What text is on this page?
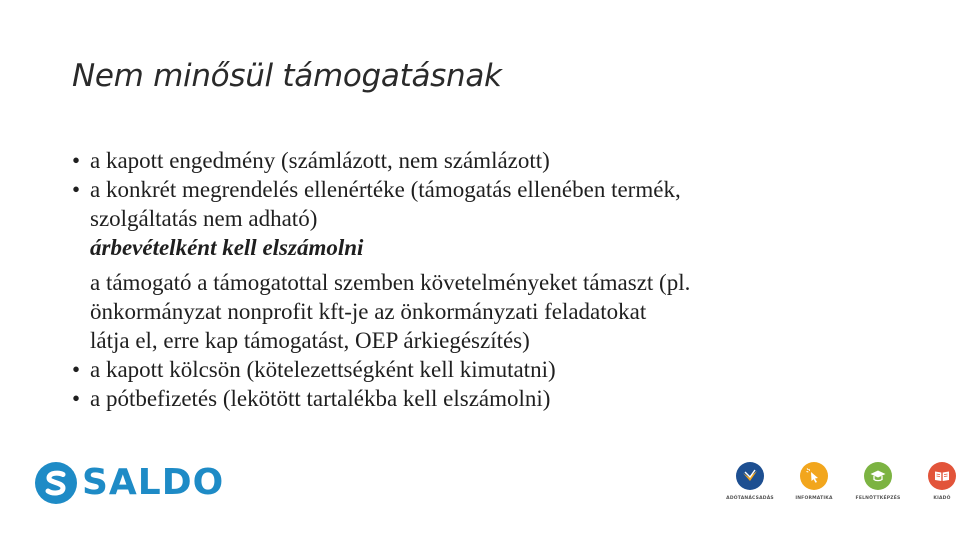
Nem minősül támogatásnak
• a kapott engedmény (számlázott, nem számlázott)
• a konkrét megrendelés ellenértéke (támogatás ellenében termék,
szolgáltatás nem adható)
árbevételként kell elszámolni
a támogató a támogatottal szemben követelményeket támaszt (pl.
önkormányzat nonprofit kft-je az önkormányzati feladatokat
látja el, erre kap támogatást, OEP árkiegészítés)
• a kapott kölcsön (kötelezettségként kell kimutatni)
• a pótbefizetés (lekötött tartalékba kell elszámolni)
SALDO	ADÓTANÁCSADÁS	INFORMATIKA	FELNŐTTKÉPZÉS	KIADÓ
